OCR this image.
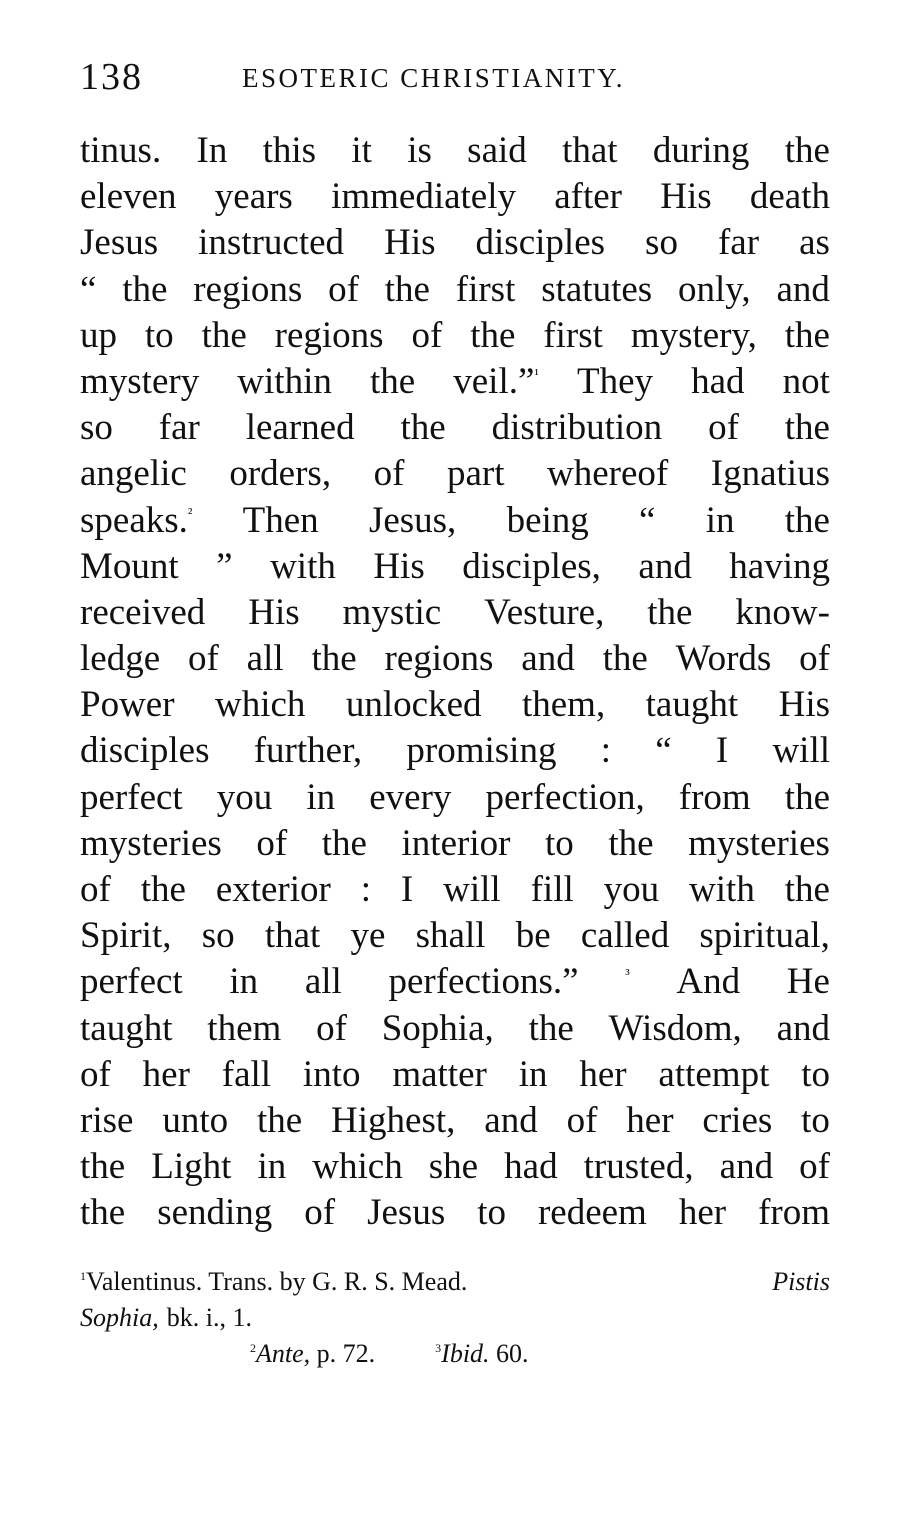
138	ESOTERIC CHRISTIANITY.
tinus. In this it is said that during the
eleven years immediately after His death
Jesus instructed His disciples so far as
“ the regions of the first statutes only, and
up to the regions of the first mystery, the
mystery within the veil.”$^{^1}$ They had not
so far learned the distribution of the
angelic orders, of part whereof Ignatius
speaks.$^{^2}$ Then Jesus, being “ in the
Mount ” with His disciples, and having
received His mystic Vesture, the know-
ledge of all the regions and the Words of
Power which unlocked them, taught His
disciples further, promising : “ I will
perfect you in every perfection, from the
mysteries of the interior to the mysteries
of the exterior : I will fill you with the
Spirit, so that ye shall be called spiritual,
perfect in all perfections.”	$^{^3}$ And He
taught them of Sophia, the Wisdom, and
of her fall into matter in her attempt to
rise unto the Highest, and of her cries to
the Light in which she had trusted, and of
the sending of Jesus to redeem her from
$^1$Valentinus. Trans. by G. R. S. Mead.	Pistis
Sophia, bk. i., 1.
$^2$Ante, p. 72.	$^3$Ibid. 60.
